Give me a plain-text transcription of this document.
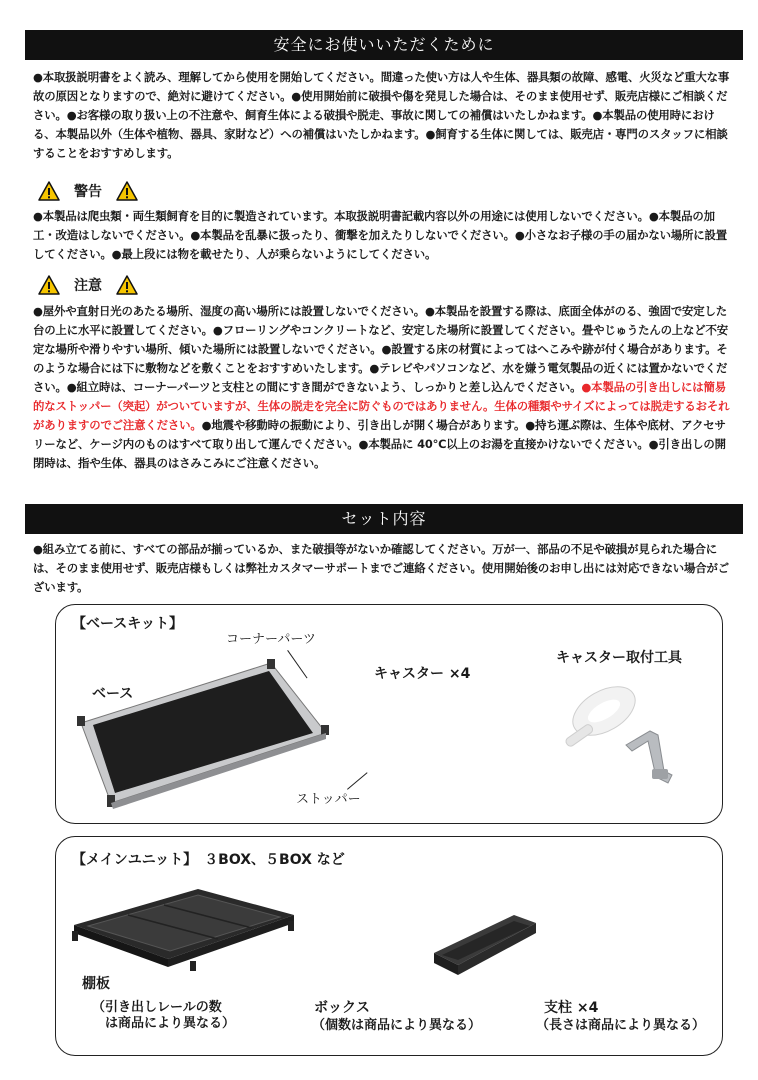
安全にお使いいただくために
●本取扱説明書をよく読み、理解してから使用を開始してください。間違った使い方は人や生体、器具類の故障、感電、火災など重大な事故の原因となりますので、絶対に避けてください。●使用開始前に破損や傷を発見した場合は、そのまま使用せず、販売店様にご相談ください。●お客様の取り扱い上の不注意や、飼育生体による破損や脱走、事故に関しての補償はいたしかねます。●本製品の使用時における、本製品以外（生体や植物、器具、家財など）への補償はいたしかねます。●飼育する生体に関しては、販売店・専門のスタッフに相談することをおすすめします。
警告
●本製品は爬虫類・両生類飼育を目的に製造されています。本取扱説明書記載内容以外の用途には使用しないでください。●本製品の加工・改造はしないでください。●本製品を乱暴に扱ったり、衝撃を加えたりしないでください。●小さなお子様の手の届かない場所に設置してください。●最上段には物を載せたり、人が乗らないようにしてください。
注意
●屋外や直射日光のあたる場所、湿度の高い場所には設置しないでください。●本製品を設置する際は、底面全体がのる、強固で安定した台の上に水平に設置してください。●フローリングやコンクリートなど、安定した場所に設置してください。畳やじゅうたんの上など不安定な場所や滑りやすい場所、傾いた場所には設置しないでください。●設置する床の材質によってはへこみや跡が付く場合があります。そのような場合には下に敷物などを敷くことをおすすめいたします。●テレビやパソコンなど、水を嫌う電気製品の近くには置かないでください。●組立時は、コーナーパーツと支柱との間にすき間ができないよう、しっかりと差し込んでください。●本製品の引き出しには簡易的なストッパー（突起）がついていますが、生体の脱走を完全に防ぐものではありません。生体の種類やサイズによっては脱走するおそれがありますのでご注意ください。●地震や移動時の振動により、引き出しが開く場合があります。●持ち運ぶ際は、生体や底材、アクセサリーなど、ケージ内のものはすべて取り出して運んでください。●本製品に 40℃以上のお湯を直接かけないでください。●引き出しの開閉時は、指や生体、器具のはさみこみにご注意ください。
セット内容
●組み立てる前に、すべての部品が揃っているか、また破損等がないか確認してください。万が一、部品の不足や破損が見られた場合には、そのまま使用せず、販売店様もしくは弊社カスタマーサポートまでご連絡ください。使用開始後のお申し出には対応できない場合がございます。
【ベースキット】
コーナーパーツ
ベース
ストッパー
キャスター ×4
キャスター取付工具
【メインユニット】　３BOX、５BOX など
棚板
（引き出しレールの数
　は商品により異なる）
ボックス
（個数は商品により異なる）
支柱 ×4
（長さは商品により異なる）
